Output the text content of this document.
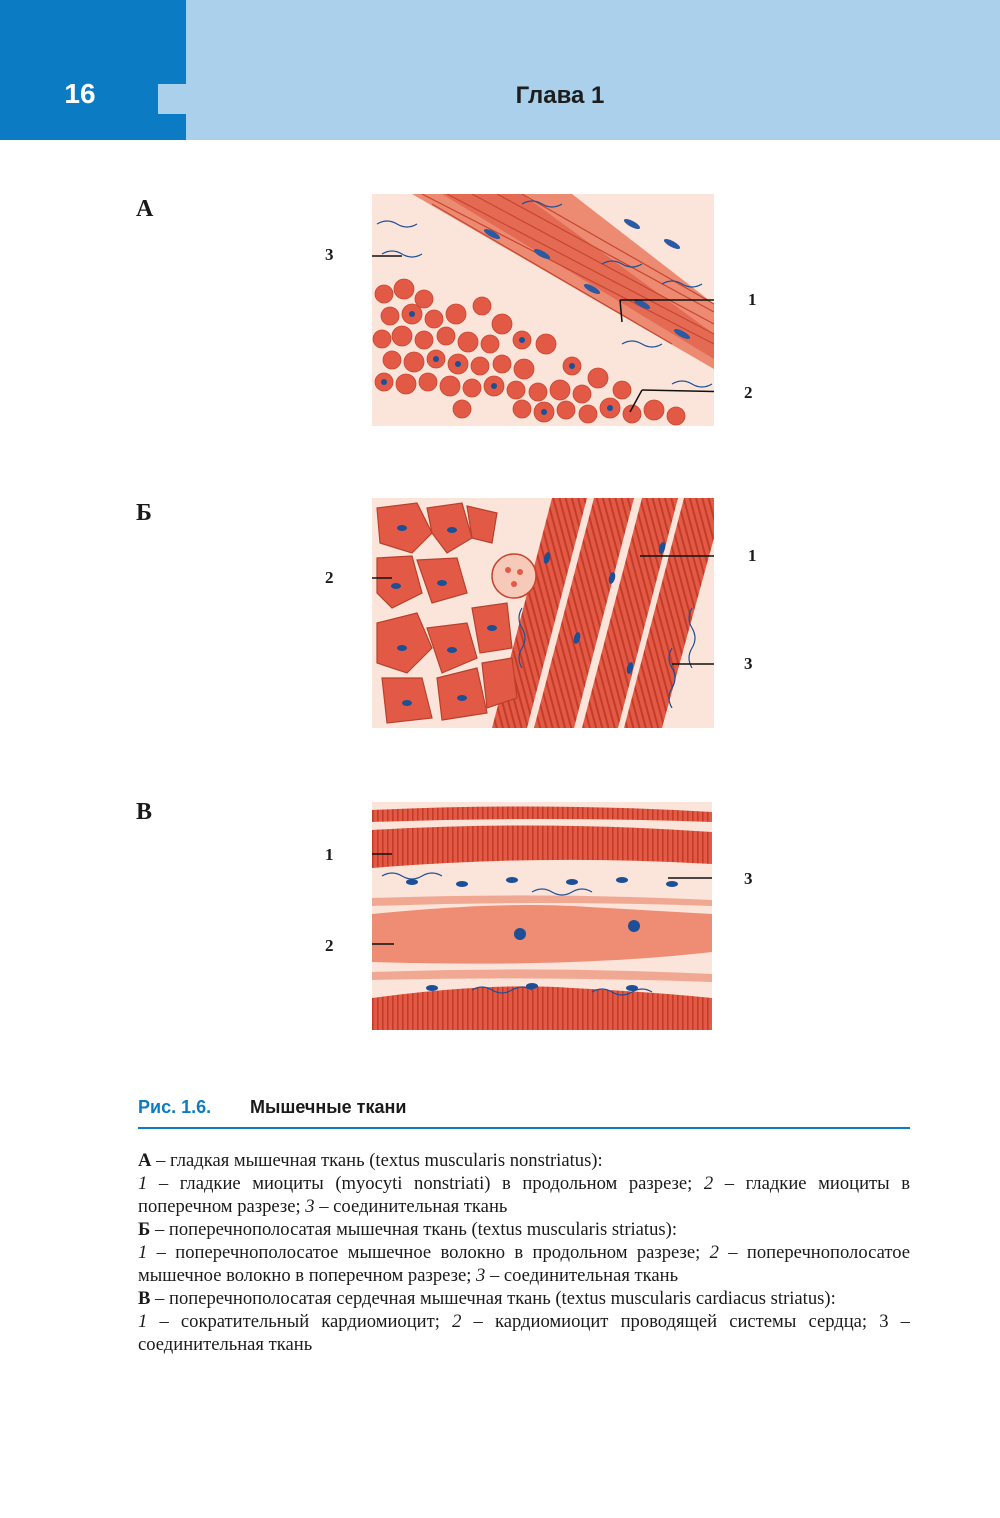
16	Глава 1
А
1
2
3
Б
1
2
3
В
1
2
3
Рис. 1.6. Мышечные ткани

А – гладкая мышечная ткань (textus muscularis nonstriatus):

1 – гладкие миоциты (myocyti nonstriati) в продольном разрезе; 2 – гладкие миоциты в поперечном разрезе; 3 – соединительная ткань

Б – поперечнополосатая мышечная ткань (textus muscularis striatus):

1 – поперечнополосатое мышечное волокно в продольном разрезе; 2 – поперечнополосатое мышечное волокно в поперечном разрезе; 3 – соединительная ткань

В – поперечнополосатая сердечная мышечная ткань (textus muscularis cardiacus striatus):

1 – сократительный кардиомиоцит; 2 – кардиомиоцит проводящей системы сердца; 3 – соединительная ткань
